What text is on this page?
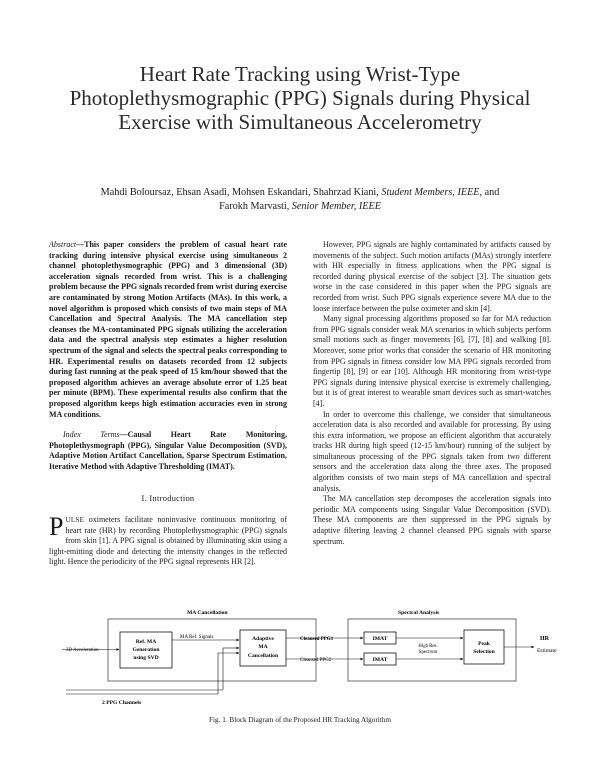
Heart Rate Tracking using Wrist-Type Photoplethysmographic (PPG) Signals during Physical Exercise with Simultaneous Accelerometry
Mahdi Boloursaz, Ehsan Asadi, Mohsen Eskandari, Shahrzad Kiani, Student Members, IEEE, and
Farokh Marvasti, Senior Member, IEEE

Abstract—This paper considers the problem of casual heart rate tracking during intensive physical exercise using simultaneous 2 channel photoplethysmographic (PPG) and 3 dimensional (3D) acceleration signals recorded from wrist. This is a challenging problem because the PPG signals recorded from wrist during exercise are contaminated by strong Motion Artifacts (MAs). In this work, a novel algorithm is proposed which consists of two main steps of MA Cancellation and Spectral Analysis. The MA cancellation step cleanses the MA-contaminated PPG signals utilizing the acceleration data and the spectral analysis step estimates a higher resolution spectrum of the signal and selects the spectral peaks corresponding to HR. Experimental results on datasets recorded from 12 subjects during fast running at the peak speed of 15 km/hour showed that the proposed algorithm achieves an average absolute error of 1.25 beat per minute (BPM). These experimental results also confirm that the proposed algorithm keeps high estimation accuracies even in strong MA conditions.

Index Terms—Causal Heart Rate Monitoring, Photoplethysmograph (PPG), Singular Value Decomposition (SVD), Adaptive Motion Artifact Cancellation, Sparse Spectrum Estimation, Iterative Method with Adaptive Thresholding (IMAT).

I. Introduction

PULSE oximeters facilitate noninvasive continuous monitoring of heart rate (HR) by recording Photoplethysmographic (PPG) signals from skin [1]. A PPG signal is obtained by illuminating skin using a light-emitting diode and detecting the intensity changes in the reflected light. Hence the periodicity of the PPG signal represents HR [2].

However, PPG signals are highly contaminated by artifacts caused by movements of the subject. Such motion artifacts (MAs) strongly interfere with HR especially in fitness applications when the PPG signal is recorded during physical exercise of the subject [3]. The situation gets worse in the case considered in this paper when the PPG signals are recorded from wrist. Such PPG signals experience severe MA due to the loose interface between the pulse oximeter and skin [4].

Many signal processing algorithms proposed so far for MA reduction from PPG signals consider weak MA scenarios in which subjects perform small motions such as finger movements [6], [7], [8] and walking [8]. Moreover, some prior works that consider the scenario of HR monitoring from PPG signals in fitness consider low MA PPG signals recorded from fingertip [8], [9] or ear [10]. Although HR monitoring from wrist-type PPG signals during intensive physical exercise is extremely challenging, but it is of great interest to wearable smart devices such as smart-watches [4].

In order to overcome this challenge, we consider that simultaneous acceleration data is also recorded and available for processing. By using this extra information, we propose an efficient algorithm that accurately tracks HR during high speed (12-15 km/hour) running of the subject by simultaneous processing of the PPG signals taken from two different sensors and the acceleration data along the three axes. The proposed algorithm consists of two main steps of MA cancellation and spectral analysis.

The MA cancellation step decomposes the acceleration signals into periodic MA components using Singular Value Decomposition (SVD). These MA components are then suppressed in the PPG signals by adaptive filtering leaving 2 channel cleansed PPG signals with sparse spectrum.

MA Cancellation	Spectral Analysis
3D Acceleration
Ref. MA
Generation
using SVD
MA Ref. Signals	Adaptive
MA
Cancellation
Cleansed PPG1
Cleansed PPG2
IMAT
IMAT
High Res.
Spectrum
Peak
Selection
HR
Estimate
2 PPG Channels
Fig. 1. Block Diagram of the Proposed HR Tracking Algorithm
